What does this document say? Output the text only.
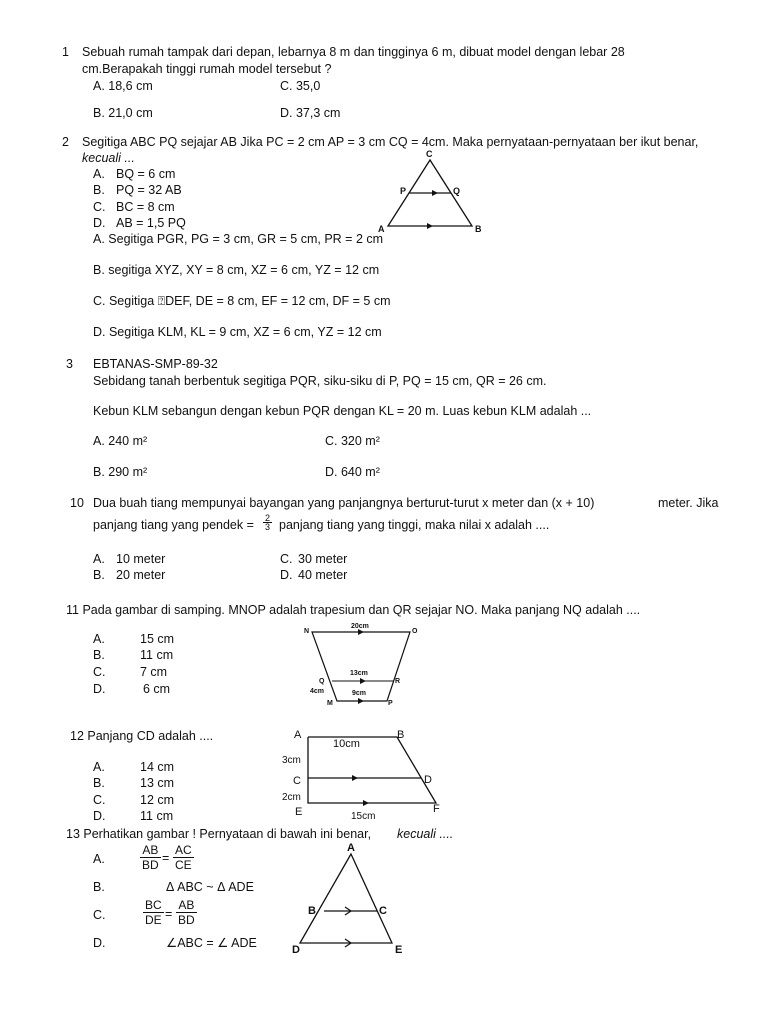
1 Sebuah rumah tampak dari depan, lebarnya 8 m dan tingginya 6 m, dibuat model dengan lebar 28
cm.Berapakah tinggi rumah model tersebut ?
A. 18,6 cm	C. 35,0
B. 21,0 cm	D. 37,3 cm
2 Segitiga ABC PQ sejajar AB Jika PC = 2 cm AP = 3 cm CQ = 4cm. Maka pernyataan-pernyataan ber ikut benar,
kecuali ...
A. BQ = 6 cm
B. PQ = 32 AB
C. BC = 8 cm
D. AB = 1,5 PQ
A. Segitiga PGR, PG = 3 cm, GR = 5 cm, PR = 2 cm
B. segitiga XYZ, XY = 8 cm, XZ = 6 cm, YZ = 12 cm
C. Segitiga ⍰DEF, DE = 8 cm, EF = 12 cm, DF = 5 cm
D. Segitiga KLM, KL = 9 cm, XZ = 6 cm, YZ = 12 cm
C
P	Q
A	B
3 EBTANAS-SMP-89-32
Sebidang tanah berbentuk segitiga PQR, siku-siku di P, PQ = 15 cm, QR = 26 cm.
Kebun KLM sebangun dengan kebun PQR dengan KL = 20 m. Luas kebun KLM adalah ...
A. 240 m²	C. 320 m²
B. 290 m²	D. 640 m²
10 Dua buah tiang mempunyai bayangan yang panjangnya berturut-turut x meter dan (x + 10)	meter. Jika
panjang tiang yang pendek = $\frac{2}{3}$ panjang tiang yang tinggi, maka nilai x adalah ....
A. 10 meter	C. 30 meter
B. 20 meter	D. 40 meter
11 Pada gambar di samping. MNOP adalah trapesium dan QR sejajar NO. Maka panjang NQ adalah ....
A.	15 cm
B.	11 cm
C.	7 cm
D.	6 cm
N	O
20cm
13cm
Q	R
4cm	9cm
M	P
12 Panjang CD adalah ....
A.	14 cm
B.	13 cm
C.	12 cm
D.	11 cm
A	B
10cm
3cm
C	D
2cm
E	F
15cm
13 Perhatikan gambar ! Pernyataan di bawah ini benar, kecuali ....
A.	$\frac{AB}{BD} = \frac{AC}{CE}$
B.	Δ ABC ~ Δ ADE
C.	$\frac{BC}{DE} = \frac{AB}{BD}$
D.	∠ABC = ∠ ADE
A
B	C
D	E
